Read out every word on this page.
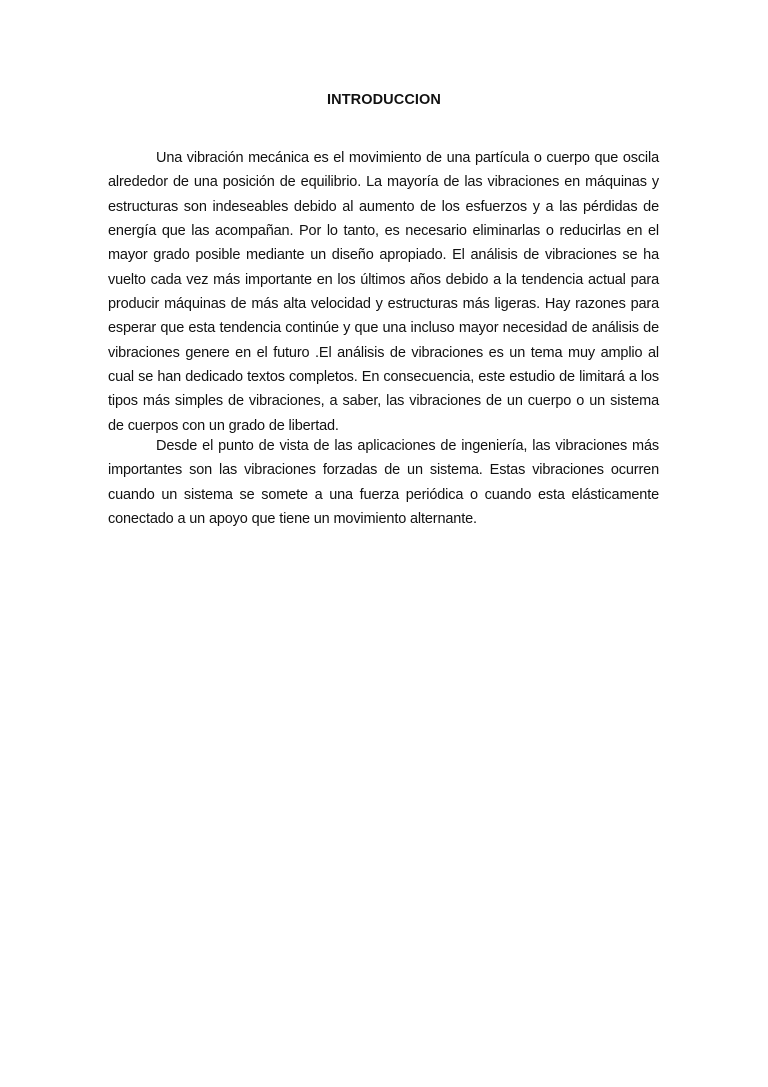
INTRODUCCION

Una vibración mecánica es el movimiento de una partícula o cuerpo que oscila alrededor de una posición de equilibrio. La mayoría de las vibraciones en máquinas y estructuras son indeseables debido al aumento de los esfuerzos y a las pérdidas de energía que las acompañan. Por lo tanto, es necesario eliminarlas o reducirlas en el mayor grado posible mediante un diseño apropiado. El análisis de vibraciones se ha vuelto cada vez más importante en los últimos años debido a la tendencia actual para producir máquinas de más alta velocidad y estructuras más ligeras. Hay razones para esperar que esta tendencia continúe y que una incluso mayor necesidad de análisis de vibraciones genere en el futuro .El análisis de vibraciones es un tema muy amplio al cual se han dedicado textos completos. En consecuencia, este estudio de limitará a los tipos más simples de vibraciones, a saber, las vibraciones de un cuerpo o un sistema de cuerpos con un grado de libertad.

Desde el punto de vista de las aplicaciones de ingeniería, las vibraciones más importantes son las vibraciones forzadas de un sistema. Estas vibraciones ocurren cuando un sistema se somete a una fuerza periódica o cuando esta elásticamente conectado a un apoyo que tiene un movimiento alternante.
